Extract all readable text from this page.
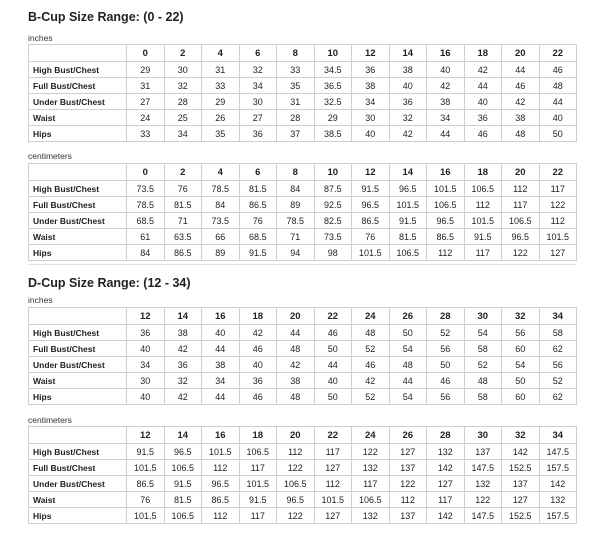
B-Cup Size Range: (0 - 22)
inches
	0	2	4	6	8	10	12	14	16	18	20	22
High Bust/Chest	29	30	31	32	33	34.5	36	38	40	42	44	46
Full Bust/Chest	31	32	33	34	35	36.5	38	40	42	44	46	48
Under Bust/Chest	27	28	29	30	31	32.5	34	36	38	40	42	44
Waist	24	25	26	27	28	29	30	32	34	36	38	40
Hips	33	34	35	36	37	38.5	40	42	44	46	48	50
centimeters
	0	2	4	6	8	10	12	14	16	18	20	22
High Bust/Chest	73.5	76	78.5	81.5	84	87.5	91.5	96.5	101.5	106.5	112	117
Full Bust/Chest	78.5	81.5	84	86.5	89	92.5	96.5	101.5	106.5	112	117	122
Under Bust/Chest	68.5	71	73.5	76	78.5	82.5	86.5	91.5	96.5	101.5	106.5	112
Waist	61	63.5	66	68.5	71	73.5	76	81.5	86.5	91.5	96.5	101.5
Hips	84	86.5	89	91.5	94	98	101.5	106.5	112	117	122	127
D-Cup Size Range: (12 - 34)
inches
	12	14	16	18	20	22	24	26	28	30	32	34
High Bust/Chest	36	38	40	42	44	46	48	50	52	54	56	58
Full Bust/Chest	40	42	44	46	48	50	52	54	56	58	60	62
Under Bust/Chest	34	36	38	40	42	44	46	48	50	52	54	56
Waist	30	32	34	36	38	40	42	44	46	48	50	52
Hips	40	42	44	46	48	50	52	54	56	58	60	62
centimeters
	12	14	16	18	20	22	24	26	28	30	32	34
High Bust/Chest	91.5	96.5	101.5	106.5	112	117	122	127	132	137	142	147.5
Full Bust/Chest	101.5	106.5	112	117	122	127	132	137	142	147.5	152.5	157.5
Under Bust/Chest	86.5	91.5	96.5	101.5	106.5	112	117	122	127	132	137	142
Waist	76	81.5	86.5	91.5	96.5	101.5	106.5	112	117	122	127	132
Hips	101.5	106.5	112	117	122	127	132	137	142	147.5	152.5	157.5
